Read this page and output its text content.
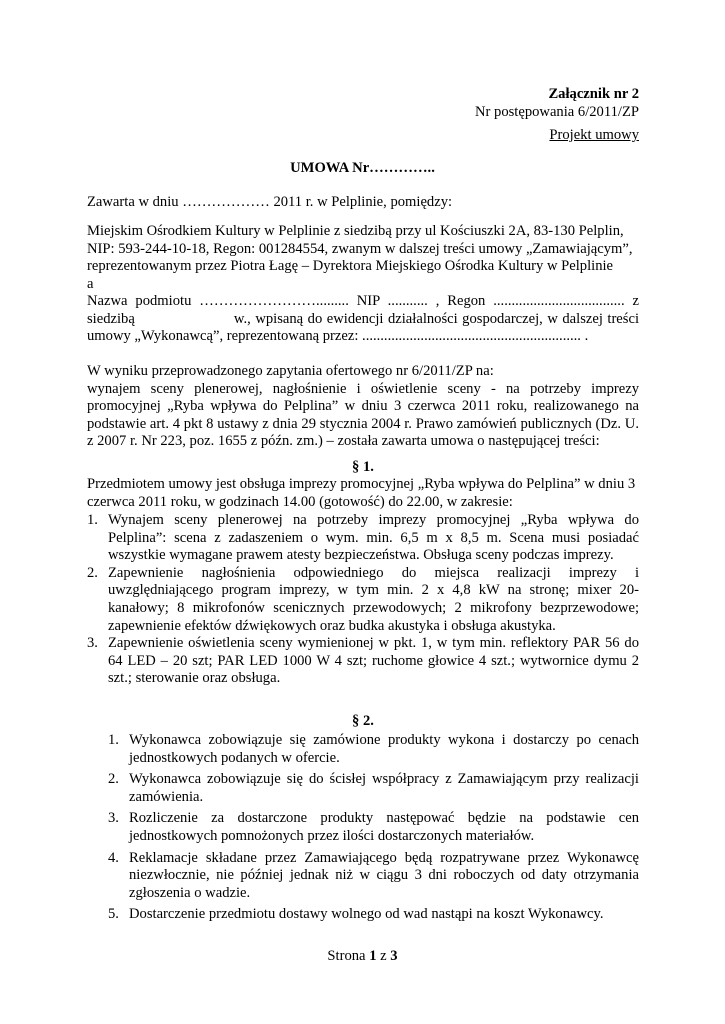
Załącznik nr 2
Nr postępowania 6/2011/ZP
Projekt umowy
UMOWA Nr…………..
Zawarta w dniu ……………… 2011 r. w Pelplinie, pomiędzy:
Miejskim Ośrodkiem Kultury w Pelplinie z siedzibą przy ul Kościuszki 2A, 83-130 Pelplin,
NIP: 593-244-10-18, Regon: 001284554, zwanym w dalszej treści umowy „Zamawiającym”,
reprezentowanym przez Piotra Łagę – Dyrektora Miejskiego Ośrodka Kultury w Pelplinie
a
Nazwa podmiotu ……………………......... NIP ........... , Regon .................................... z
siedzibą                      w., wpisaną do ewidencji działalności gospodarczej, w dalszej treści
umowy „Wykonawcą”, reprezentowaną przez: ............................................................ .
W wyniku przeprowadzonego zapytania ofertowego nr 6/2011/ZP na:
wynajem sceny plenerowej, nagłośnienie i oświetlenie sceny - na potrzeby imprezy
promocyjnej „Ryba wpływa do Pelplina” w dniu 3 czerwca 2011 roku, realizowanego na
podstawie art. 4 pkt 8 ustawy z dnia 29 stycznia 2004 r. Prawo zamówień publicznych (Dz. U.
z 2007 r. Nr 223, poz. 1655 z późn. zm.) – została zawarta umowa o następującej treści:
§ 1.
Przedmiotem umowy jest obsługa imprezy promocyjnej „Ryba wpływa do Pelplina” w dniu 3
czerwca 2011 roku, w godzinach 14.00 (gotowość) do 22.00, w zakresie:
1. Wynajem sceny plenerowej na potrzeby imprezy promocyjnej „Ryba wpływa do
Pelplina”: scena z zadaszeniem o wym. min. 6,5 m x 8,5 m. Scena musi posiadać
wszystkie wymagane prawem atesty bezpieczeństwa. Obsługa sceny podczas imprezy.
2. Zapewnienie nagłośnienia odpowiedniego do miejsca realizacji imprezy i
uwzględniającego program imprezy, w tym min. 2 x 4,8 kW na stronę; mixer 20-
kanałowy; 8 mikrofonów scenicznych przewodowych; 2 mikrofony bezprzewodowe;
zapewnienie efektów dźwiękowych oraz budka akustyka i obsługa akustyka.
3. Zapewnienie oświetlenia sceny wymienionej w pkt. 1, w tym min. reflektory PAR 56 do
64 LED – 20 szt; PAR LED 1000 W 4 szt; ruchome głowice 4 szt.; wytwornice dymu 2
szt.; sterowanie oraz obsługa.
§ 2.
1. Wykonawca zobowiązuje się zamówione produkty wykona i dostarczy po cenach
jednostkowych podanych w ofercie.
2. Wykonawca zobowiązuje się do ścisłej współpracy z Zamawiającym przy realizacji
zamówienia.
3. Rozliczenie za dostarczone produkty następować będzie na podstawie cen
jednostkowych pomnożonych przez ilości dostarczonych materiałów.
4. Reklamacje składane przez Zamawiającego będą rozpatrywane przez Wykonawcę
niezwłocznie, nie później jednak niż w ciągu 3 dni roboczych od daty otrzymania
zgłoszenia o wadzie.
5. Dostarczenie przedmiotu dostawy wolnego od wad nastąpi na koszt Wykonawcy.
Strona 1 z 3
